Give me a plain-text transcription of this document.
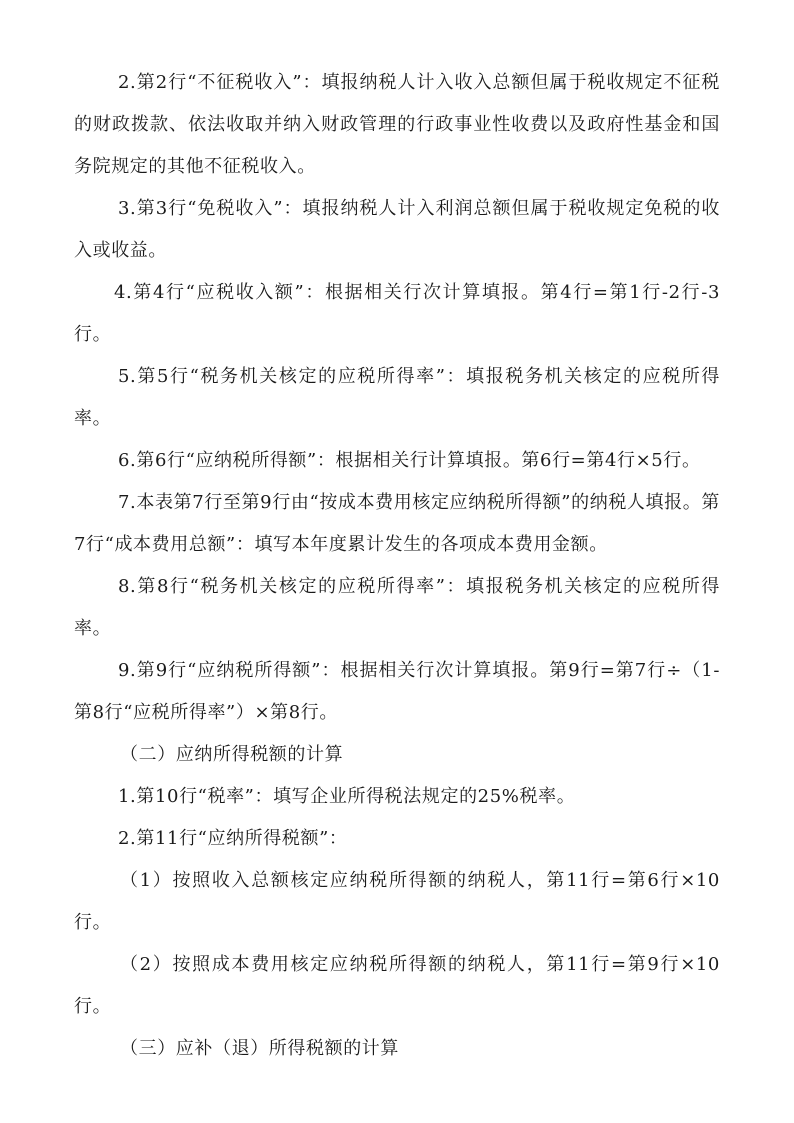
2.第2行“不征税收入”：填报纳税人计入收入总额但属于税收规定不征税的财政拨款、依法收取并纳入财政管理的行政事业性收费以及政府性基金和国务院规定的其他不征税收入。

3.第3行“免税收入”：填报纳税人计入利润总额但属于税收规定免税的收入或收益。

4.第4行“应税收入额”：根据相关行次计算填报。第4行=第1行-2行-3行。

5.第5行“税务机关核定的应税所得率”：填报税务机关核定的应税所得率。

6.第6行“应纳税所得额”：根据相关行计算填报。第6行=第4行×5行。

7.本表第7行至第9行由“按成本费用核定应纳税所得额”的纳税人填报。第7行“成本费用总额”：填写本年度累计发生的各项成本费用金额。

8.第8行“税务机关核定的应税所得率”：填报税务机关核定的应税所得率。

9.第9行“应纳税所得额”：根据相关行次计算填报。第9行=第7行÷（1-第8行“应税所得率”）×第8行。

（二）应纳所得税额的计算

1.第10行“税率”：填写企业所得税法规定的25%税率。

2.第11行“应纳所得税额”：

（1）按照收入总额核定应纳税所得额的纳税人，第11行=第6行×10行。

（2）按照成本费用核定应纳税所得额的纳税人，第11行=第9行×10行。

（三）应补（退）所得税额的计算
